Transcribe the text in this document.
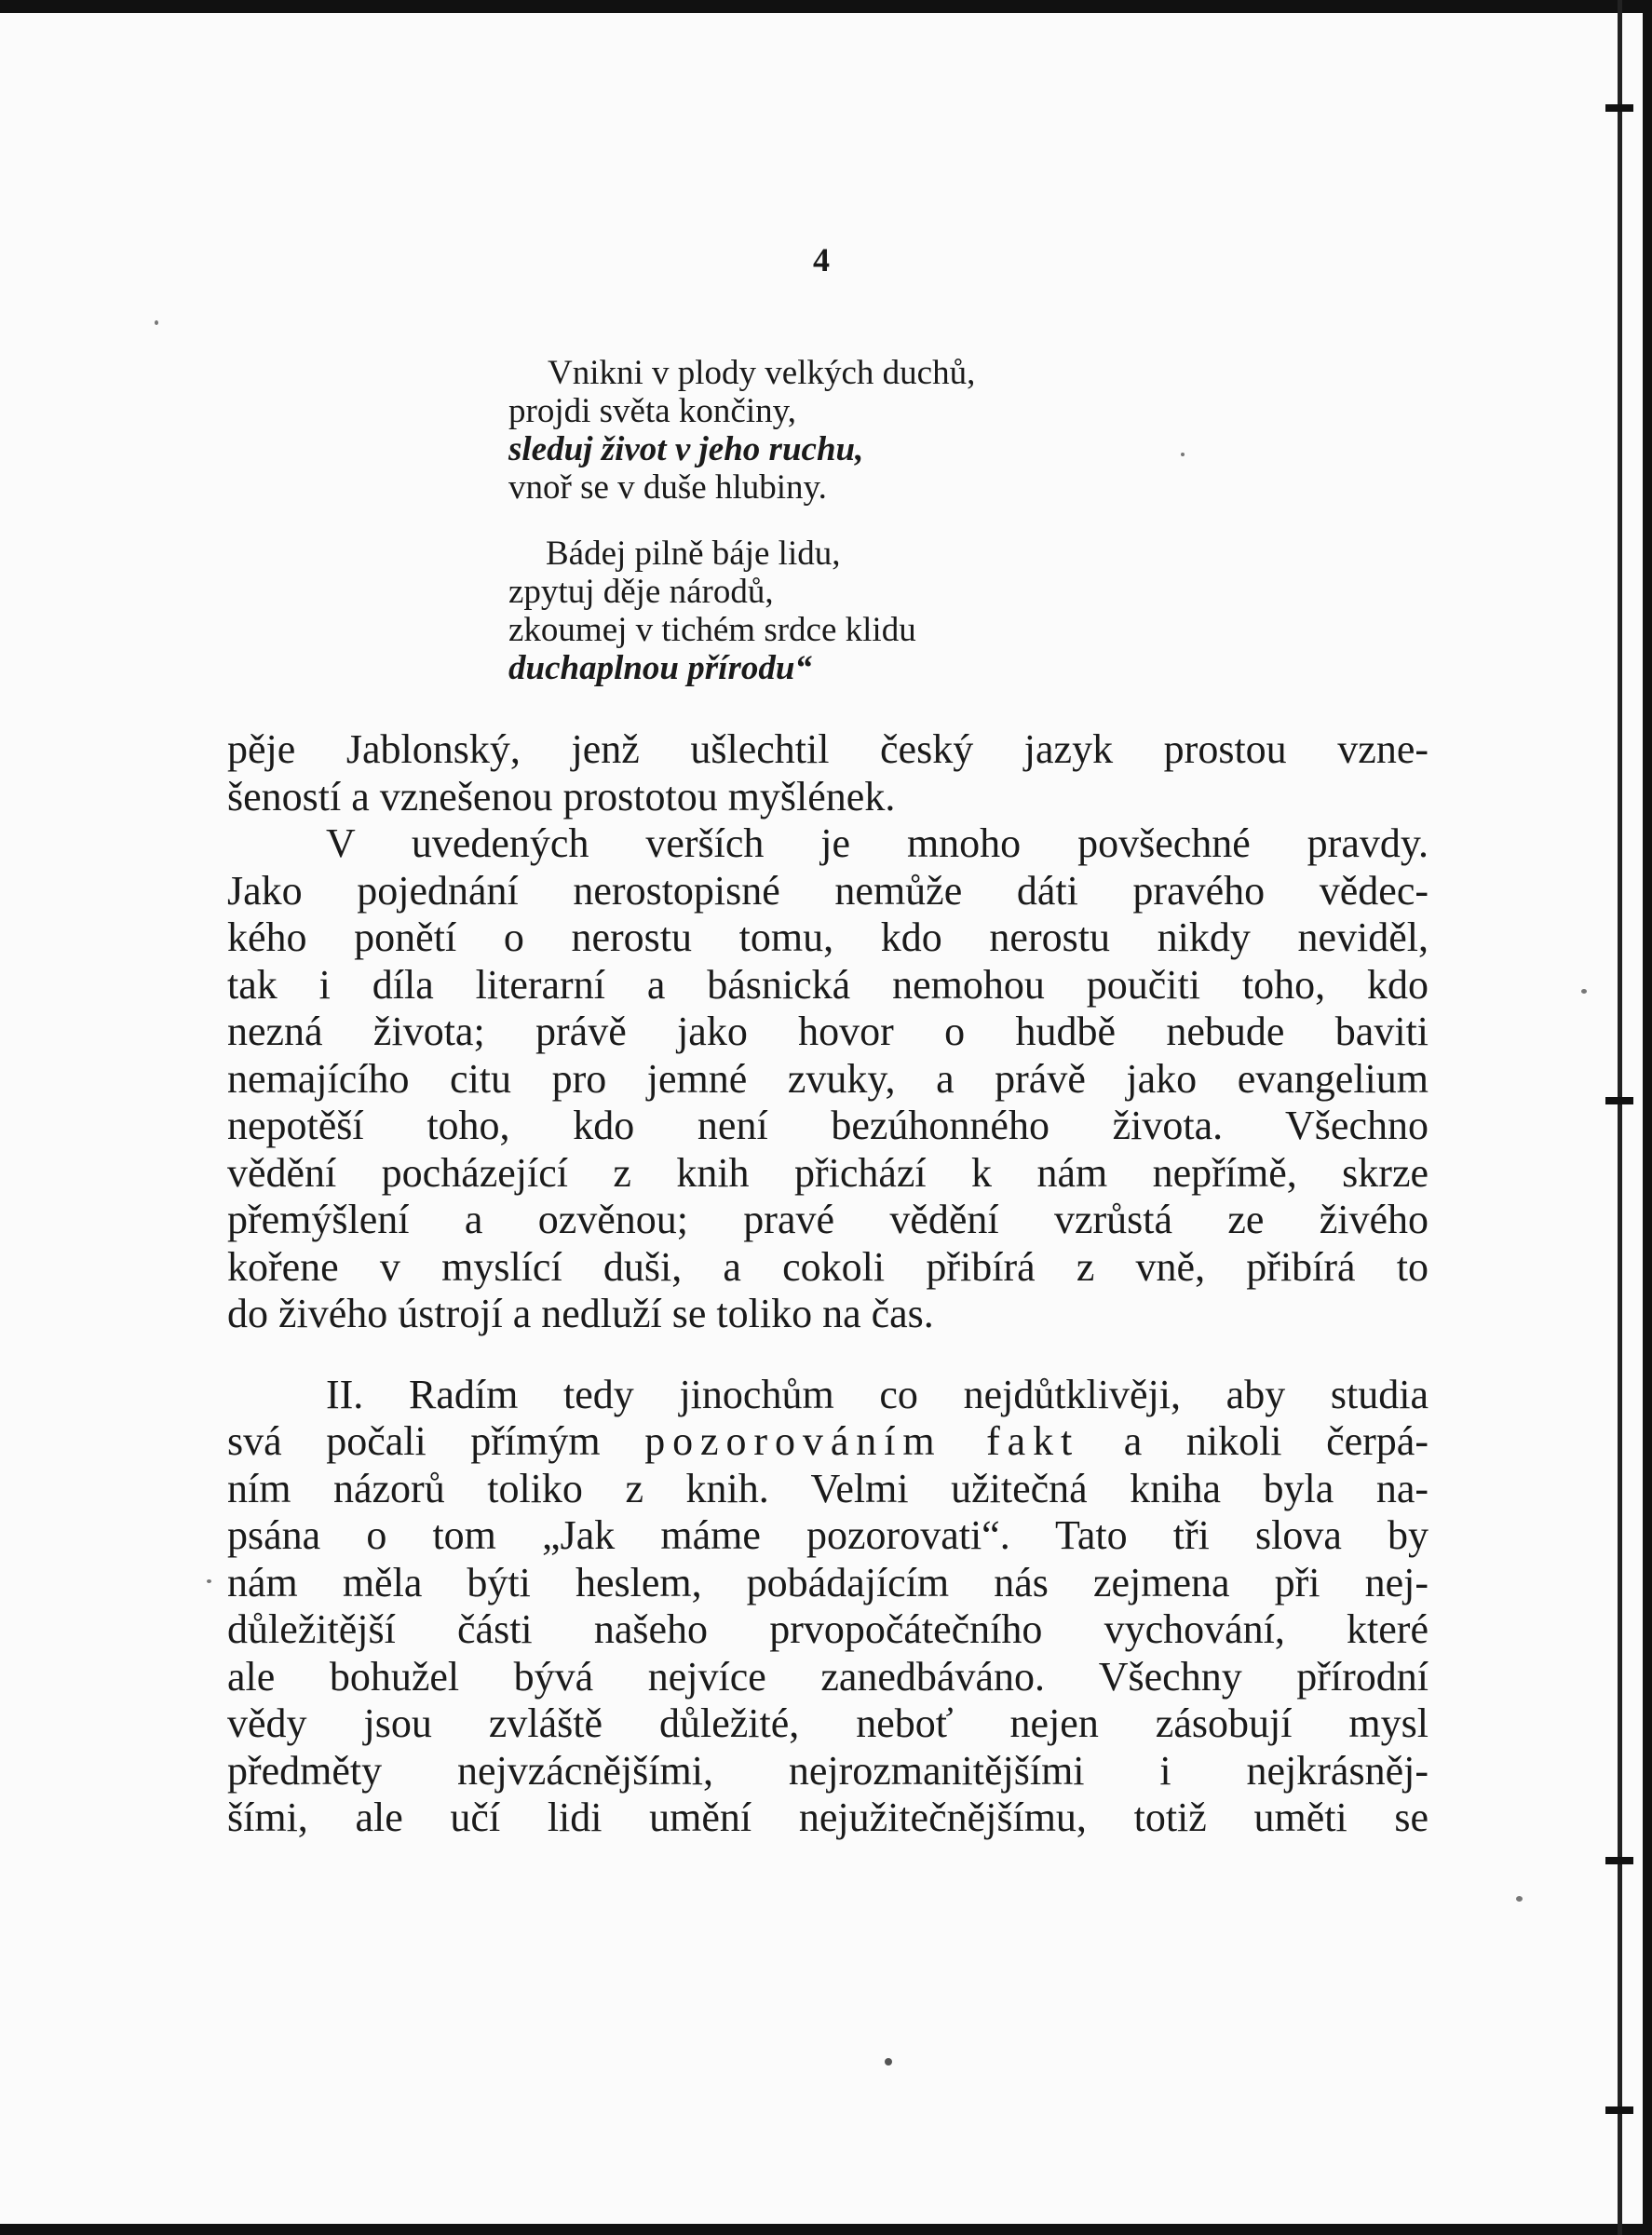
4
Vnikni v plody velkých duchů,
projdi světa končiny,
sleduj život v jeho ruchu,
vnoř se v duše hlubiny.
Bádej pilně báje lidu,
zpytuj děje národů,
zkoumej v tichém srdce klidu
duchaplnou přírodu“
pěje Jablonský, jenž ušlechtil český jazyk prostou vzne-
šeností a vznešenou prostotou myšlének.
V uvedených verších je mnoho povšechné pravdy.
Jako pojednání nerostopisné nemůže dáti pravého vědec-
kého ponětí o nerostu tomu, kdo nerostu nikdy neviděl,
tak i díla literarní a básnická nemohou poučiti toho, kdo
nezná života; právě jako hovor o hudbě nebude baviti
nemajícího citu pro jemné zvuky, a právě jako evangelium
nepotěší toho, kdo není bezúhonného života. Všechno
vědění pocházející z knih přichází k nám nepřímě, skrze
přemýšlení a ozvěnou; pravé vědění vzrůstá ze živého
kořene v myslící duši, a cokoli přibírá z vně, přibírá to
do živého ústrojí a nedluží se toliko na čas.
II. Radím tedy jinochům co nejdůtklivěji, aby studia
svá počali přímým pozorováním fakt a nikoli čerpá-
ním názorů toliko z knih. Velmi užitečná kniha byla na-
psána o tom „Jak máme pozorovati“. Tato tři slova by
nám měla býti heslem, pobádajícím nás zejmena při nej-
důležitější části našeho prvopočátečního vychování, které
ale bohužel bývá nejvíce zanedbáváno. Všechny přírodní
vědy jsou zvláště důležité, neboť nejen zásobují mysl
předměty nejvzácnějšími, nejrozmanitějšími i nejkrásněj-
šími, ale učí lidi umění nejužitečnějšímu, totiž uměti se
